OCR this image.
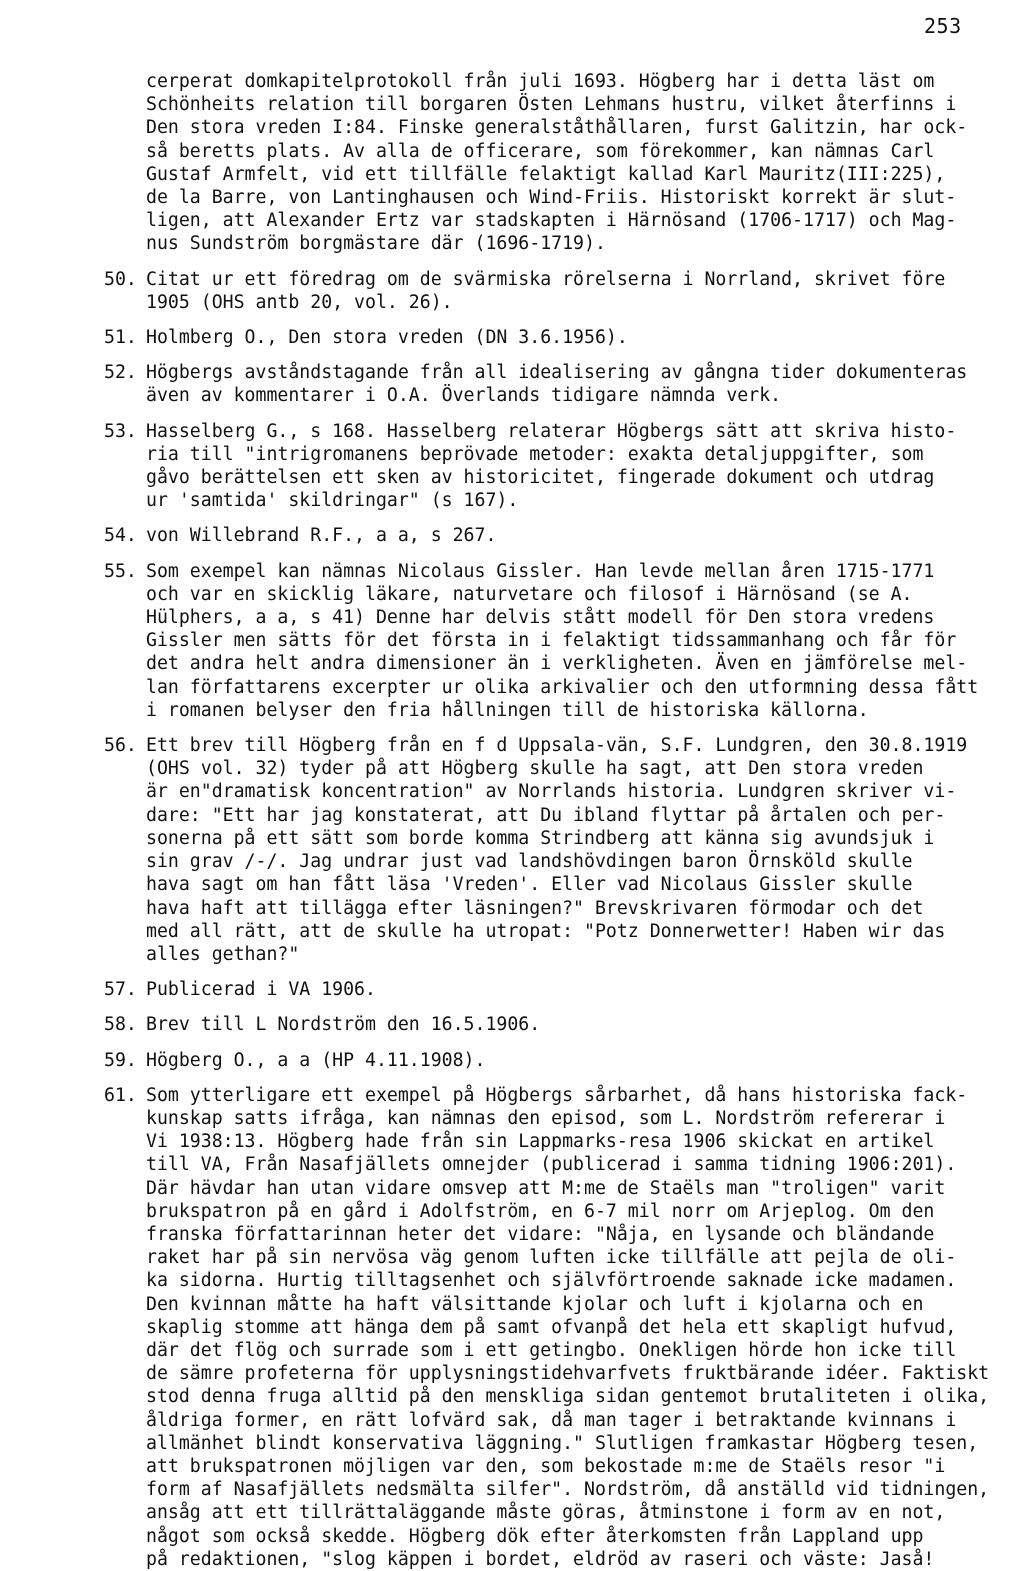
253
cerperat domkapitelprotokoll från juli 1693. Högberg har i detta läst om
Schönheits relation till borgaren Östen Lehmans hustru, vilket återfinns i
Den stora vreden I:84. Finske generalståthållaren, furst Galitzin, har ock-
så beretts plats. Av alla de officerare, som förekommer, kan nämnas Carl
Gustaf Armfelt, vid ett tillfälle felaktigt kallad Karl Mauritz(III:225),
de la Barre, von Lantinghausen och Wind-Friis. Historiskt korrekt är slut-
ligen, att Alexander Ertz var stadskapten i Härnösand (1706-1717) och Mag-
nus Sundström borgmästare där (1696-1719).
50. Citat ur ett föredrag om de svärmiska rörelserna i Norrland, skrivet före
1905 (OHS antb 20, vol. 26).
51. Holmberg O., Den stora vreden (DN 3.6.1956).
52. Högbergs avståndstagande från all idealisering av gångna tider dokumenteras
även av kommentarer i O.A. Överlands tidigare nämnda verk.
53. Hasselberg G., s 168. Hasselberg relaterar Högbergs sätt att skriva histo-
ria till "intrigromanens beprövade metoder: exakta detaljuppgifter, som
gåvo berättelsen ett sken av historicitet, fingerade dokument och utdrag
ur 'samtida' skildringar" (s 167).
54. von Willebrand R.F., a a, s 267.
55. Som exempel kan nämnas Nicolaus Gissler. Han levde mellan åren 1715-1771
och var en skicklig läkare, naturvetare och filosof i Härnösand (se A.
Hülphers, a a, s 41) Denne har delvis stått modell för Den stora vredens
Gissler men sätts för det första in i felaktigt tidssammanhang och får för
det andra helt andra dimensioner än i verkligheten. Även en jämförelse mel-
lan författarens excerpter ur olika arkivalier och den utformning dessa fått
i romanen belyser den fria hållningen till de historiska källorna.
56. Ett brev till Högberg från en f d Uppsala-vän, S.F. Lundgren, den 30.8.1919
(OHS vol. 32) tyder på att Högberg skulle ha sagt, att Den stora vreden
är en"dramatisk koncentration" av Norrlands historia. Lundgren skriver vi-
dare: "Ett har jag konstaterat, att Du ibland flyttar på årtalen och per-
sonerna på ett sätt som borde komma Strindberg att känna sig avundsjuk i
sin grav /-/. Jag undrar just vad landshövdingen baron Örnsköld skulle
hava sagt om han fått läsa 'Vreden'. Eller vad Nicolaus Gissler skulle
hava haft att tillägga efter läsningen?" Brevskrivaren förmodar och det
med all rätt, att de skulle ha utropat: "Potz Donnerwetter! Haben wir das
alles gethan?"
57. Publicerad i VA 1906.
58. Brev till L Nordström den 16.5.1906.
59. Högberg O., a a (HP 4.11.1908).
61. Som ytterligare ett exempel på Högbergs sårbarhet, då hans historiska fack-
kunskap satts ifråga, kan nämnas den episod, som L. Nordström refererar i
Vi 1938:13. Högberg hade från sin Lappmarks-resa 1906 skickat en artikel
till VA, Från Nasafjällets omnejder (publicerad i samma tidning 1906:201).
Där hävdar han utan vidare omsvep att M:me de Staëls man "troligen" varit
brukspatron på en gård i Adolfström, en 6-7 mil norr om Arjeplog. Om den
franska författarinnan heter det vidare: "Nåja, en lysande och bländande
raket har på sin nervösa väg genom luften icke tillfälle att pejla de oli-
ka sidorna. Hurtig tilltagsenhet och självförtroende saknade icke madamen.
Den kvinnan måtte ha haft välsittande kjolar och luft i kjolarna och en
skaplig stomme att hänga dem på samt ofvanpå det hela ett skapligt hufvud,
där det flög och surrade som i ett getingbo. Onekligen hörde hon icke till
de sämre profeterna för upplysningstidehvarfvets fruktbärande idéer. Faktiskt
stod denna fruga alltid på den menskliga sidan gentemot brutaliteten i olika,
åldriga former, en rätt lofvärd sak, då man tager i betraktande kvinnans i
allmänhet blindt konservativa läggning." Slutligen framkastar Högberg tesen,
att brukspatronen möjligen var den, som bekostade m:me de Staëls resor "i
form af Nasafjällets nedsmälta silfer". Nordström, då anställd vid tidningen,
ansåg att ett tillrättaläggande måste göras, åtminstone i form av en not,
något som också skedde. Högberg dök efter återkomsten från Lappland upp
på redaktionen, "slog käppen i bordet, eldröd av raseri och väste: Jaså!
